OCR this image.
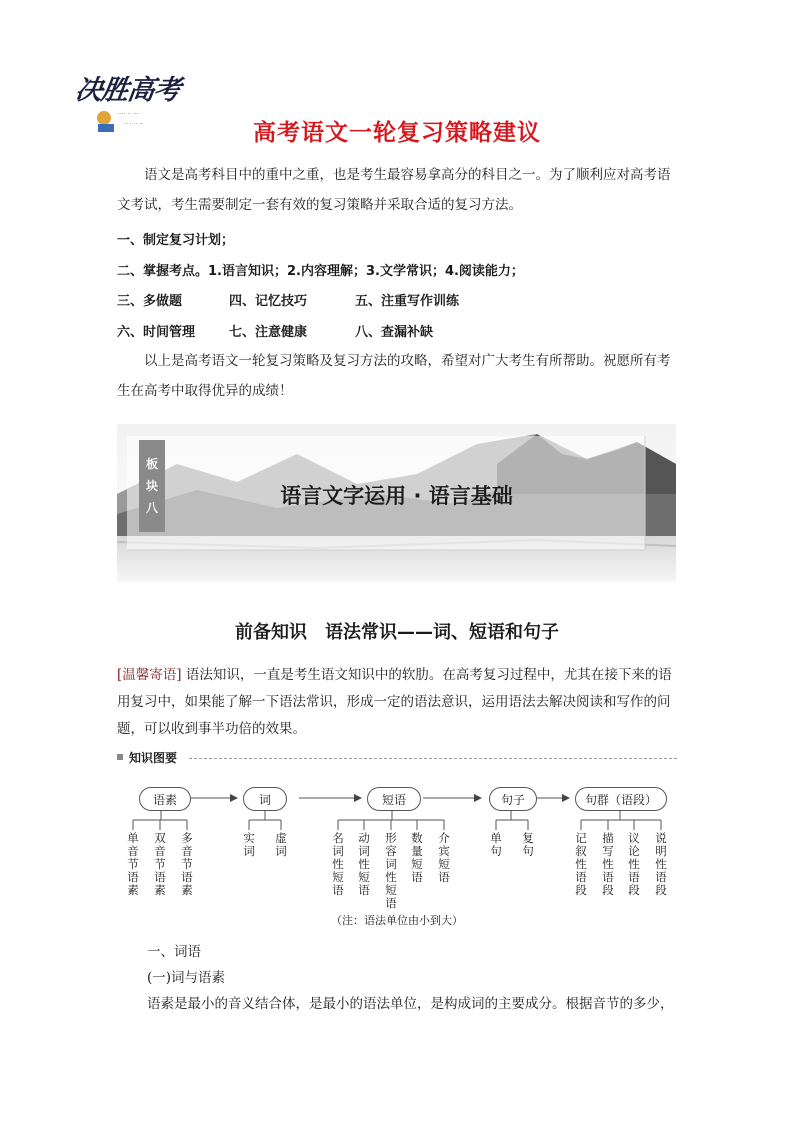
决胜高考
···· ·· ···
·· · ·· ··	高考语文一轮复习策略建议
语文是高考科目中的重中之重，也是考生最容易拿高分的科目之一。为了顺利应对高考语文考试，考生需要制定一套有效的复习策略并采取合适的复习方法。
一、制定复习计划；
二、掌握考点。1.语言知识；2.内容理解；3.文学常识；4.阅读能力；
三、多做题	四、记忆技巧	五、注重写作训练
六、时间管理	七、注意健康	八、查漏补缺
以上是高考语文一轮复习策略及复习方法的攻略，希望对广大考生有所帮助。祝愿所有考生在高考中取得优异的成绩！
板
块
八	语言文字运用 · 语言基础
前备知识　语法常识——词、短语和句子
[温馨寄语] 语法知识，一直是考生语文知识中的软肋。在高考复习过程中，尤其在接下来的语用复习中，如果能了解一下语法常识，形成一定的语法意识，运用语法去解决阅读和写作的问题，可以收到事半功倍的效果。
知识图要
语素	词	短语	句子	句群（语段）
单音节语素
双音节语素
多音节语素
实词
虚词
名词性短语
动词性短语
形容词性短语
数量短语
介宾短语
单句
复句
记叙性语段
描写性语段
议论性语段
说明性语段
（注：语法单位由小到大）
一、词语
(一)词与语素
语素是最小的音义结合体，是最小的语法单位，是构成词的主要成分。根据音节的多少，
